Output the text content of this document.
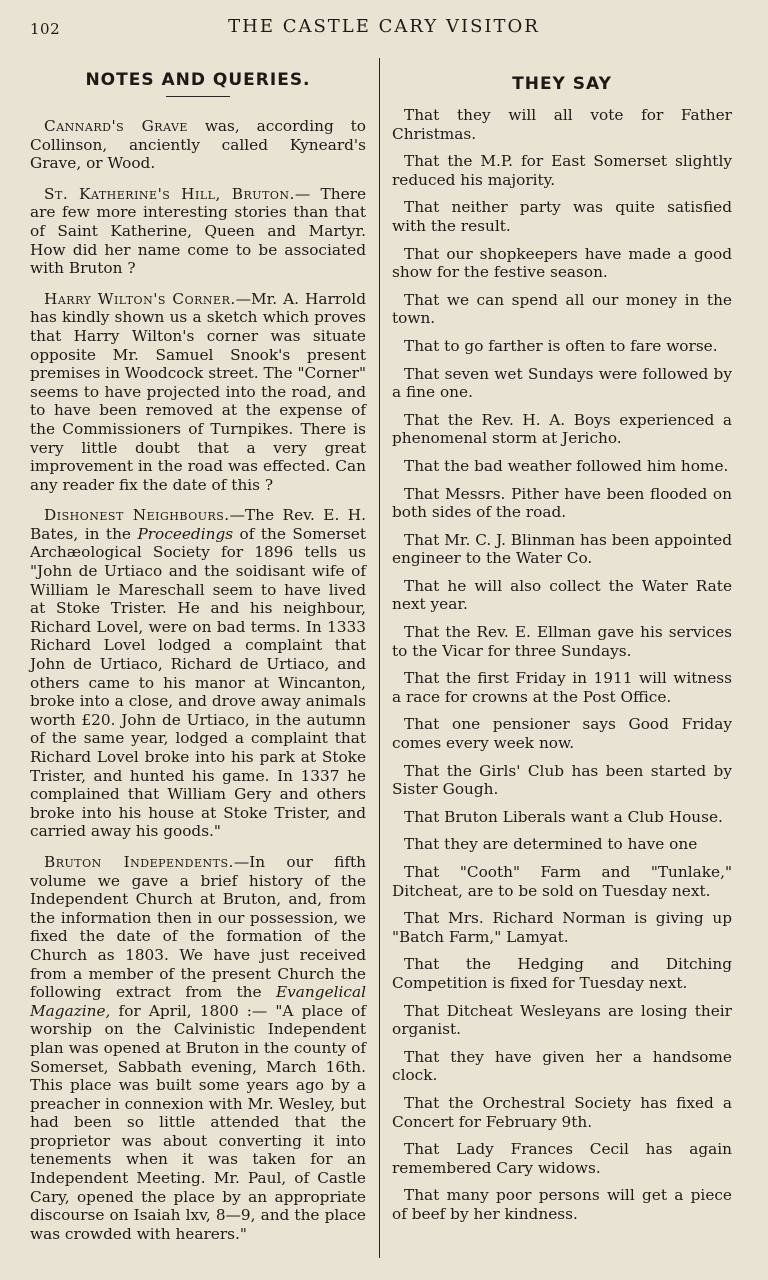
102	THE CASTLE CARY VISITOR
NOTES AND QUERIES.

Cannard's Grave was, according to Collinson, anciently called Kyneard's Grave, or Wood.

St. Katherine's Hill, Bruton.— There are few more interesting stories than that of Saint Katherine, Queen and Martyr. How did her name come to be associated with Bruton ?

Harry Wilton's Corner.—Mr. A. Harrold has kindly shown us a sketch which proves that Harry Wilton's corner was situate opposite Mr. Samuel Snook's present premises in Woodcock street. The "Corner" seems to have projected into the road, and to have been removed at the expense of the Commissioners of Turnpikes. There is very little doubt that a very great improvement in the road was effected. Can any reader fix the date of this ?

Dishonest Neighbours.—The Rev. E. H. Bates, in the Proceedings of the Somerset Archæological Society for 1896 tells us "John de Urtiaco and the soidisant wife of William le Mareschall seem to have lived at Stoke Trister. He and his neighbour, Richard Lovel, were on bad terms. In 1333 Richard Lovel lodged a complaint that John de Urtiaco, Richard de Urtiaco, and others came to his manor at Wincanton, broke into a close, and drove away animals worth £20. John de Urtiaco, in the autumn of the same year, lodged a complaint that Richard Lovel broke into his park at Stoke Trister, and hunted his game. In 1337 he complained that William Gery and others broke into his house at Stoke Trister, and carried away his goods."

Bruton Independents.—In our fifth volume we gave a brief history of the Independent Church at Bruton, and, from the information then in our possession, we fixed the date of the formation of the Church as 1803. We have just received from a member of the present Church the following extract from the Evangelical Magazine, for April, 1800 :— "A place of worship on the Calvinistic Independent plan was opened at Bruton in the county of Somerset, Sabbath evening, March 16th. This place was built some years ago by a preacher in connexion with Mr. Wesley, but had been so little attended that the proprietor was about converting it into tenements when it was taken for an Independent Meeting. Mr. Paul, of Castle Cary, opened the place by an appropriate discourse on Isaiah lxv, 8—9, and the place was crowded with hearers."

THEY SAY

That they will all vote for Father Christmas.

That the M.P. for East Somerset slightly reduced his majority.

That neither party was quite satisfied with the result.

That our shopkeepers have made a good show for the festive season.

That we can spend all our money in the town.

That to go farther is often to fare worse.

That seven wet Sundays were followed by a fine one.

That the Rev. H. A. Boys experienced a phenomenal storm at Jericho.

That the bad weather followed him home.

That Messrs. Pither have been flooded on both sides of the road.

That Mr. C. J. Blinman has been appointed engineer to the Water Co.

That he will also collect the Water Rate next year.

That the Rev. E. Ellman gave his services to the Vicar for three Sundays.

That the first Friday in 1911 will witness a race for crowns at the Post Office.

That one pensioner says Good Friday comes every week now.

That the Girls' Club has been started by Sister Gough.

That Bruton Liberals want a Club House.

That they are determined to have one

That "Cooth" Farm and "Tunlake," Ditcheat, are to be sold on Tuesday next.

That Mrs. Richard Norman is giving up "Batch Farm," Lamyat.

That the Hedging and Ditching Competition is fixed for Tuesday next.

That Ditcheat Wesleyans are losing their organist.

That they have given her a handsome clock.

That the Orchestral Society has fixed a Concert for February 9th.

That Lady Frances Cecil has again remembered Cary widows.

That many poor persons will get a piece of beef by her kindness.
